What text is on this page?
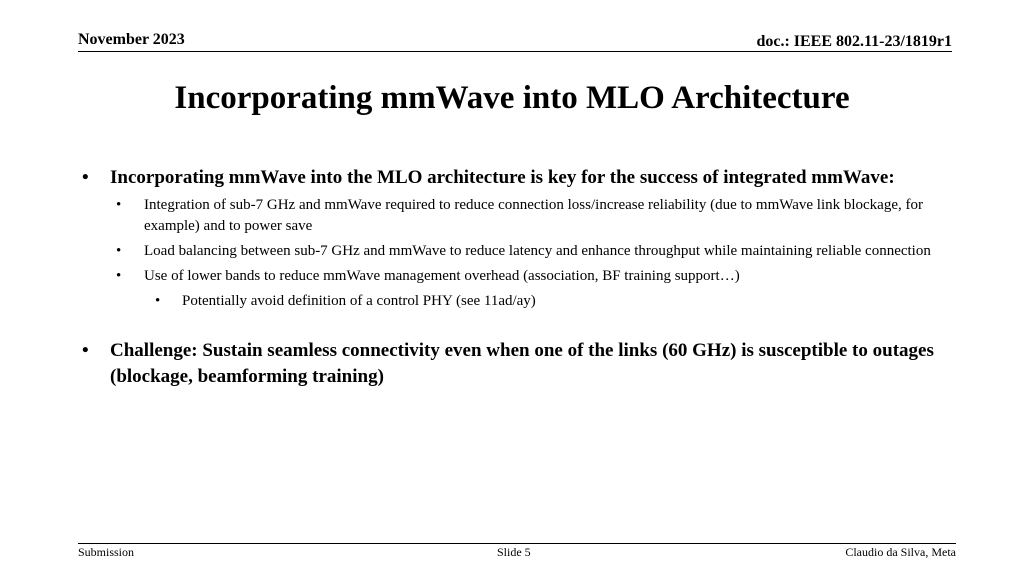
November 2023	doc.: IEEE 802.11-23/1819r1
Incorporating mmWave into MLO Architecture
• Incorporating mmWave into the MLO architecture is key for the success of integrated mmWave:
• Integration of sub-7 GHz and mmWave required to reduce connection loss/increase reliability (due to mmWave link blockage, for example) and to power save
• Load balancing between sub-7 GHz and mmWave to reduce latency and enhance throughput while maintaining reliable connection
• Use of lower bands to reduce mmWave management overhead (association, BF training support…)
• Potentially avoid definition of a control PHY (see 11ad/ay)
• Challenge: Sustain seamless connectivity even when one of the links (60 GHz) is susceptible to outages (blockage, beamforming training)
Submission	Slide 5	Claudio da Silva, Meta
